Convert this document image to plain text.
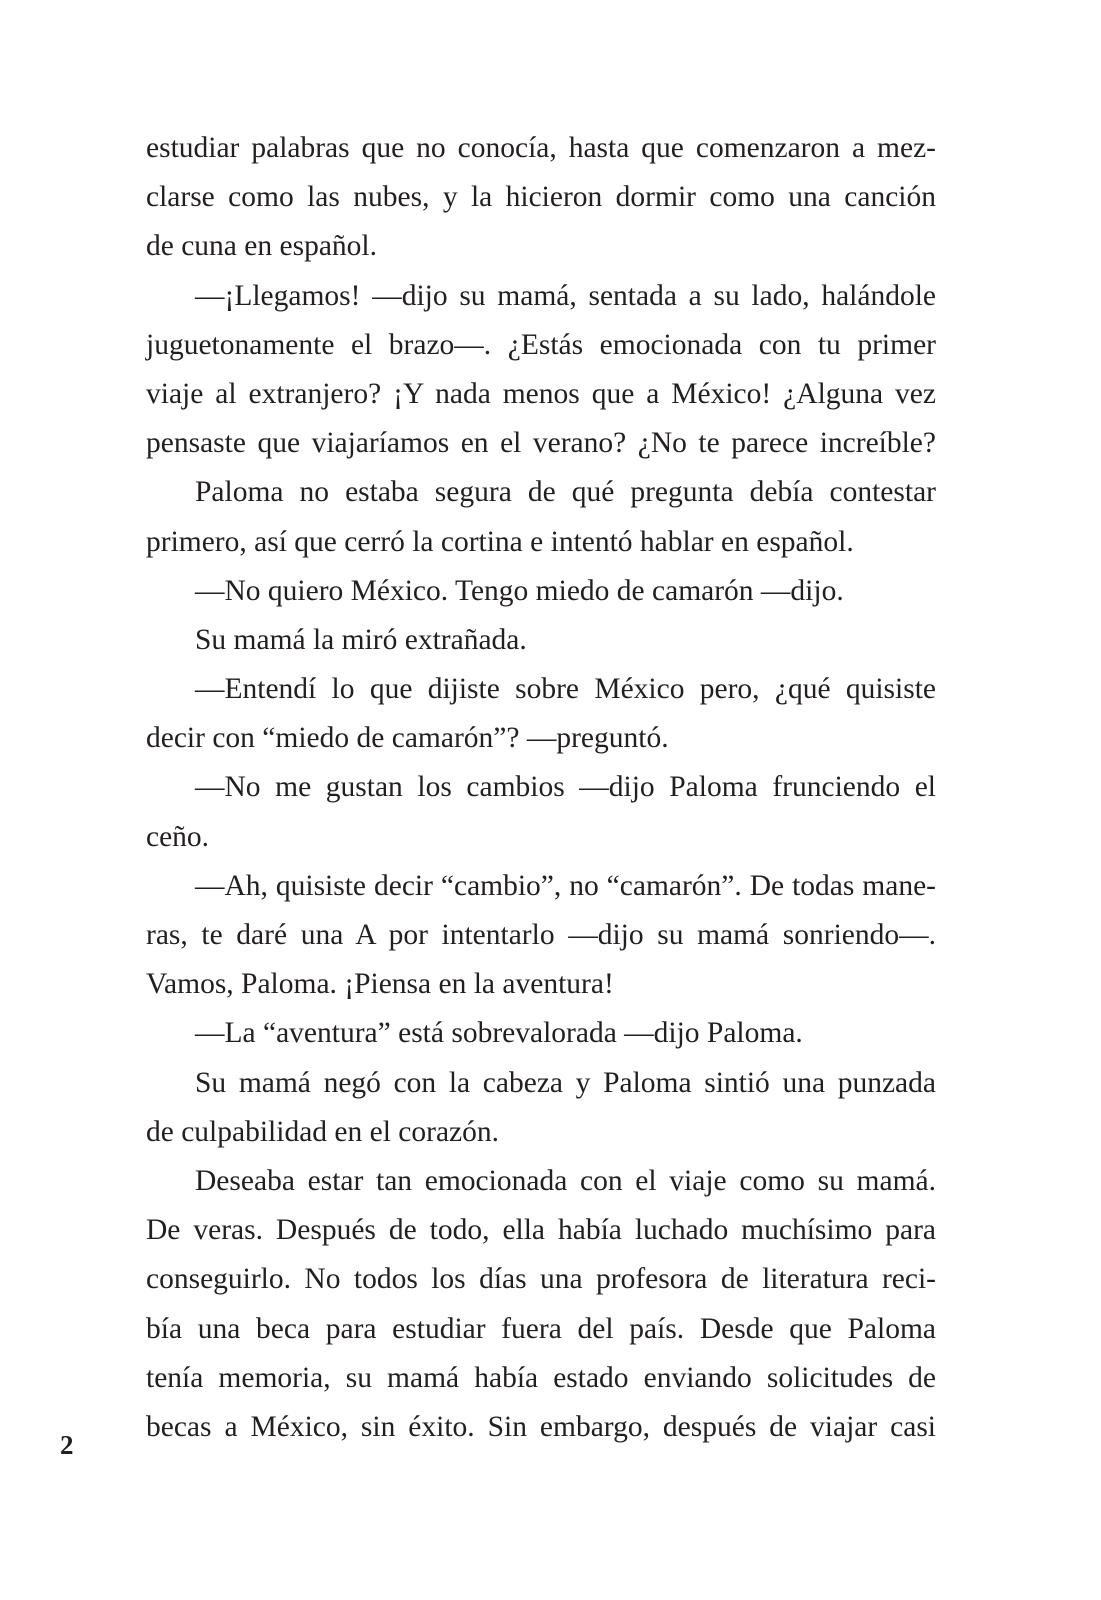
estudiar palabras que no conocía, hasta que comenzaron a mez-
clarse como las nubes, y la hicieron dormir como una canción
de cuna en español.
—¡Llegamos! —dijo su mamá, sentada a su lado, halándole
juguetonamente el brazo—. ¿Estás emocionada con tu primer
viaje al extranjero? ¡Y nada menos que a México! ¿Alguna vez
pensaste que viajaríamos en el verano? ¿No te parece increíble?
Paloma no estaba segura de qué pregunta debía contestar
primero, así que cerró la cortina e intentó hablar en español.
—No quiero México. Tengo miedo de camarón —dijo.
Su mamá la miró extrañada.
—Entendí lo que dijiste sobre México pero, ¿qué quisiste
decir con “miedo de camarón”? —preguntó.
—No me gustan los cambios —dijo Paloma frunciendo el
ceño.
—Ah, quisiste decir “cambio”, no “camarón”. De todas mane-
ras, te daré una A por intentarlo —dijo su mamá sonriendo—.
Vamos, Paloma. ¡Piensa en la aventura!
—La “aventura” está sobrevalorada —dijo Paloma.
Su mamá negó con la cabeza y Paloma sintió una punzada
de culpabilidad en el corazón.
Deseaba estar tan emocionada con el viaje como su mamá.
De veras. Después de todo, ella había luchado muchísimo para
conseguirlo. No todos los días una profesora de literatura reci-
bía una beca para estudiar fuera del país. Desde que Paloma
tenía memoria, su mamá había estado enviando solicitudes de
becas a México, sin éxito. Sin embargo, después de viajar casi
2
